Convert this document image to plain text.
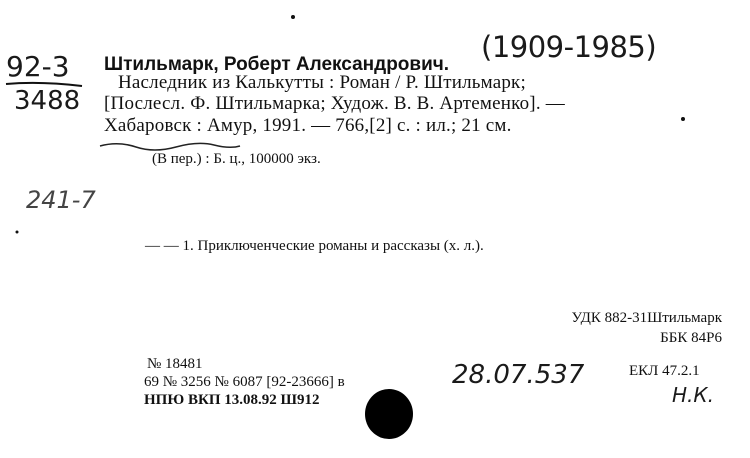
92-3
3488
Штильмарк, Роберт Александрович.
(1909-1985)
Наследник из Калькутты : Роман / Р. Штильмарк;
[Послесл. Ф. Штильмарка; Худож. В. В. Артеменко]. —
Хабаровск : Амур, 1991. — 766,[2] с. : ил.; 21 см.
(В пер.) : Б. ц., 100000 экз.
241-7
— — 1. Приключенческие романы и рассказы (х. л.).
УДК 882-31Штильмарк
ББК 84Р6
№ 18481
69 № 3256 № 6087 [92-23666] в
НПЮ ВКП 13.08.92 Ш912
28.07.537	ЕКЛ 47.2.1
Н.К.
